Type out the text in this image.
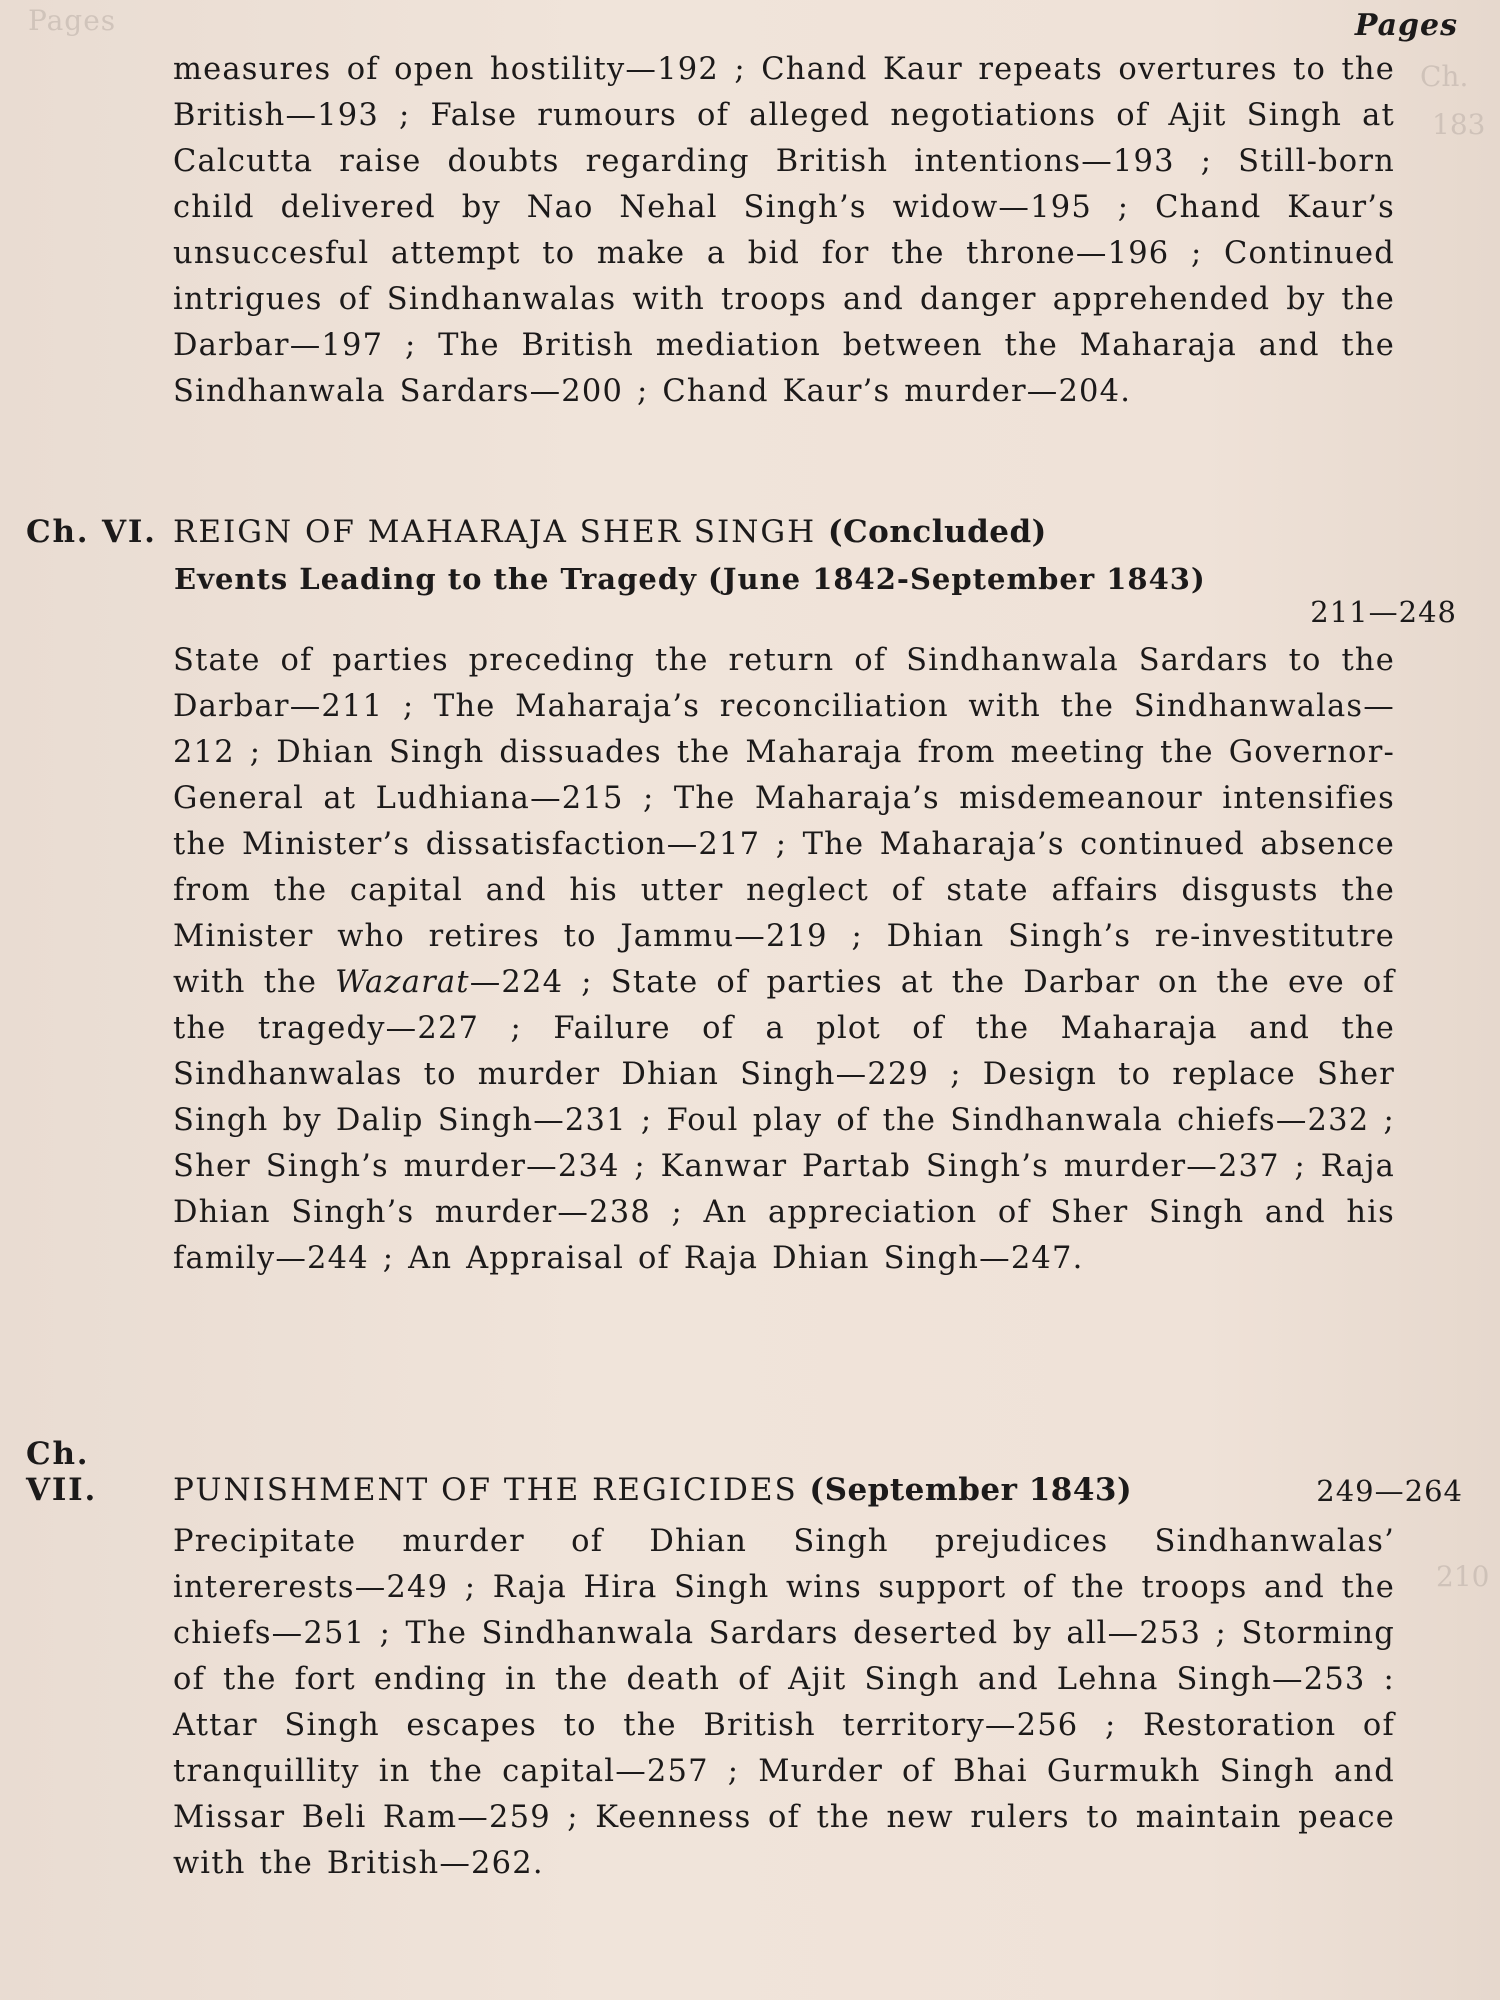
Pages
Ch.
183
210
Pages

measures of open hostility—192 ; Chand Kaur repeats overtures to the British—193 ; False rumours of alleged negotiations of Ajit Singh at Calcutta raise doubts regarding British intentions—193 ; Still-born child delivered by Nao Nehal Singh’s widow—195 ; Chand Kaur’s unsuccesful attempt to make a bid for the throne—196 ; Continued intrigues of Sindhanwalas with troops and danger apprehended by the Darbar—197 ; The British mediation between the Maharaja and the Sindhanwala Sardars—200 ; Chand Kaur’s murder—204.

Ch. VI. REIGN OF MAHARAJA SHER SINGH (Concluded)
Events Leading to the Tragedy (June 1842-September 1843)
211—248

State of parties preceding the return of Sindhanwala Sardars to the Darbar—211 ; The Maharaja’s reconciliation with the Sindhanwalas—212 ; Dhian Singh dissuades the Maharaja from meeting the Governor-General at Ludhiana—215 ; The Maharaja’s misdemeanour intensifies the Minister’s dissatisfaction—217 ; The Maharaja’s continued absence from the capital and his utter neglect of state affairs disgusts the Minister who retires to Jammu—219 ; Dhian Singh’s re-investitutre with the Wazarat—224 ; State of parties at the Darbar on the eve of the tragedy—227 ; Failure of a plot of the Maharaja and the Sindhanwalas to murder Dhian Singh—229 ; Design to replace Sher Singh by Dalip Singh—231 ; Foul play of the Sindhanwala chiefs—232 ; Sher Singh’s murder—234 ; Kanwar Partab Singh’s murder—237 ; Raja Dhian Singh’s murder—238 ; An appreciation of Sher Singh and his family—244 ; An Appraisal of Raja Dhian Singh—247.

Ch. VII. PUNISHMENT OF THE REGICIDES (September 1843)	249—264

Precipitate murder of Dhian Singh prejudices Sindhanwalas’ intererests—249 ; Raja Hira Singh wins support of the troops and the chiefs—251 ; The Sindhanwala Sardars deserted by all—253 ; Storming of the fort ending in the death of Ajit Singh and Lehna Singh—253 : Attar Singh escapes to the British territory—256 ; Restoration of tranquillity in the capital—257 ; Murder of Bhai Gurmukh Singh and Missar Beli Ram—259 ; Keenness of the new rulers to maintain peace with the British—262.
